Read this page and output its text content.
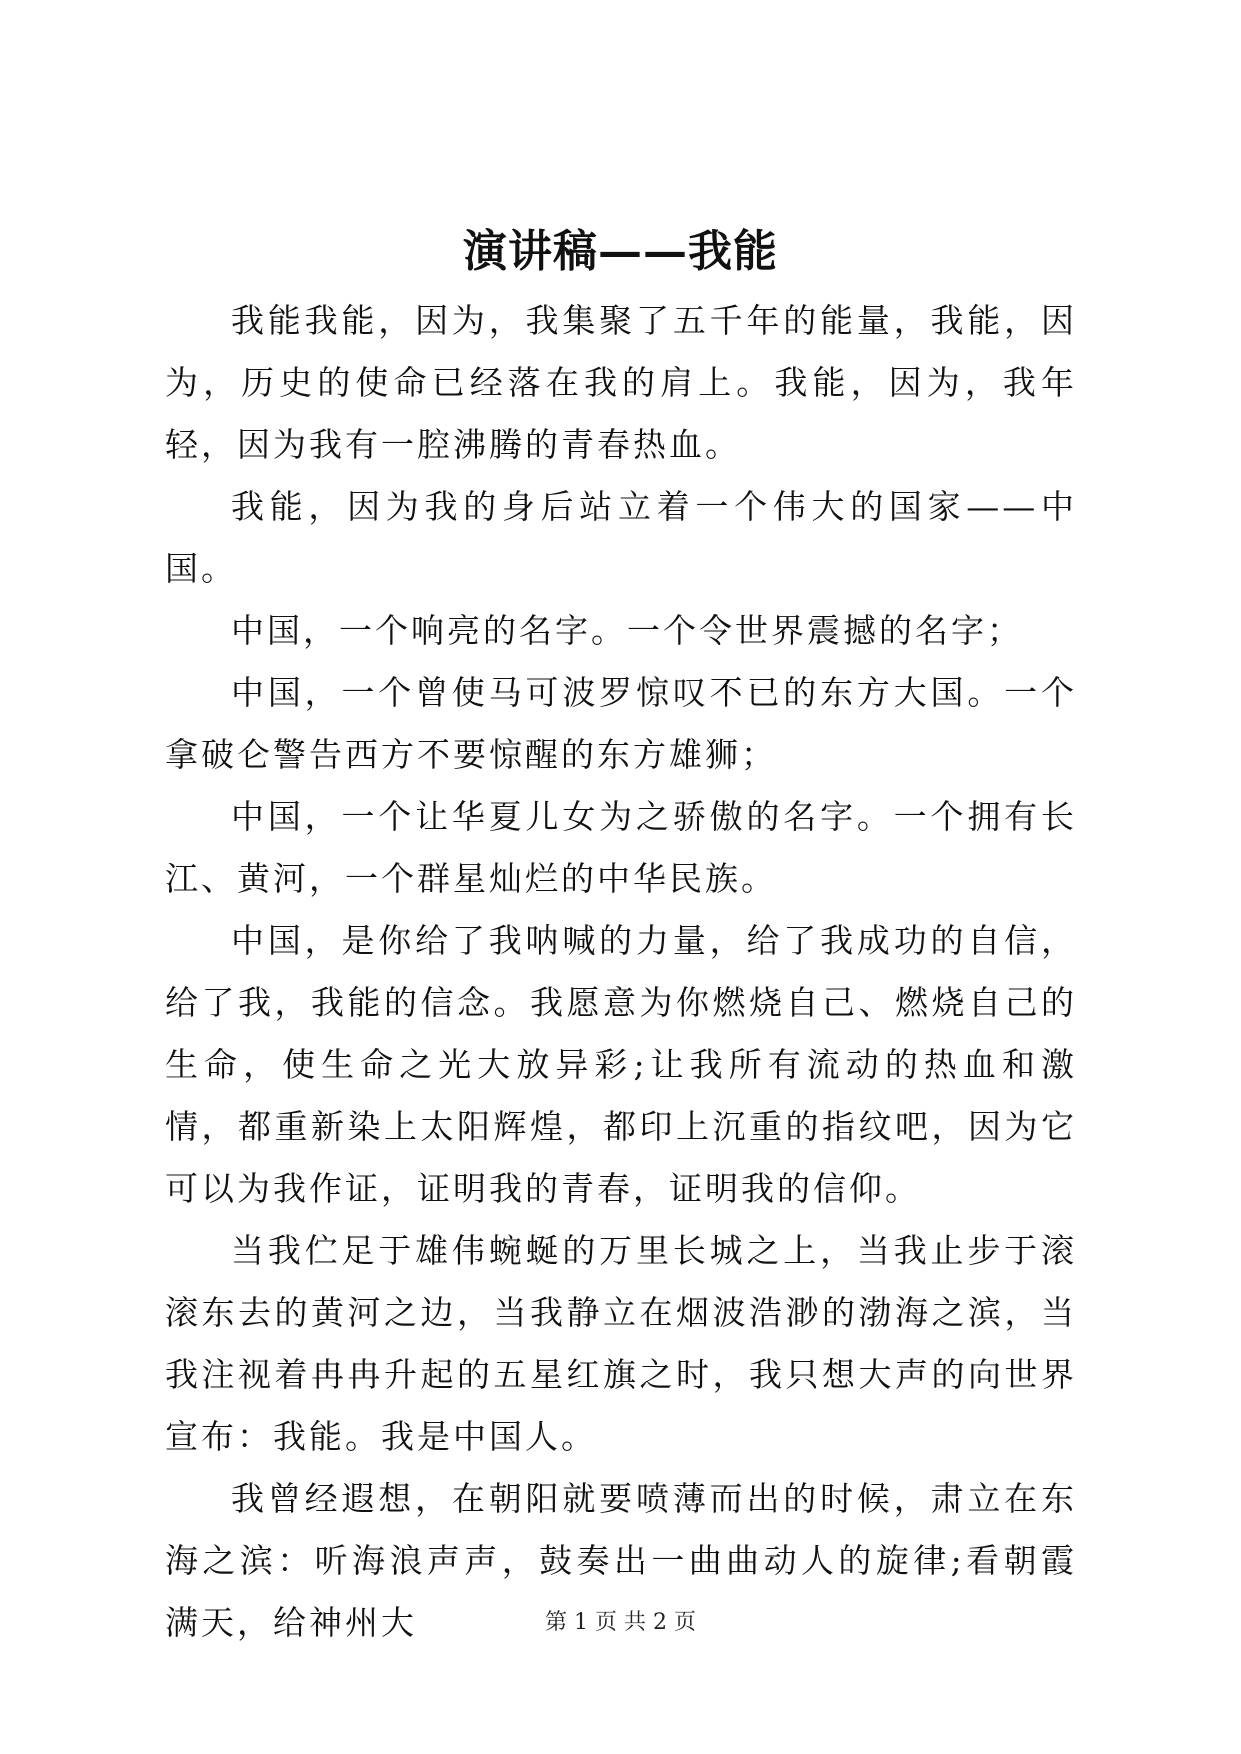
演讲稿——我能

我能我能，因为，我集聚了五千年的能量，我能，因为，历史的使命已经落在我的肩上。我能，因为，我年轻，因为我有一腔沸腾的青春热血。

我能，因为我的身后站立着一个伟大的国家——中国。

中国，一个响亮的名字。一个令世界震撼的名字；

中国，一个曾使马可波罗惊叹不已的东方大国。一个拿破仑警告西方不要惊醒的东方雄狮；

中国，一个让华夏儿女为之骄傲的名字。一个拥有长江、黄河，一个群星灿烂的中华民族。

中国，是你给了我呐喊的力量，给了我成功的自信，给了我，我能的信念。我愿意为你燃烧自己、燃烧自己的生命，使生命之光大放异彩;让我所有流动的热血和激情，都重新染上太阳辉煌，都印上沉重的指纹吧，因为它可以为我作证，证明我的青春，证明我的信仰。

当我伫足于雄伟蜿蜒的万里长城之上，当我止步于滚滚东去的黄河之边，当我静立在烟波浩渺的渤海之滨，当我注视着冉冉升起的五星红旗之时，我只想大声的向世界宣布：我能。我是中国人。

我曾经遐想，在朝阳就要喷薄而出的时候，肃立在东海之滨：听海浪声声，鼓奏出一曲曲动人的旋律;看朝霞满天，给神州大	第 1 页 共 2 页
